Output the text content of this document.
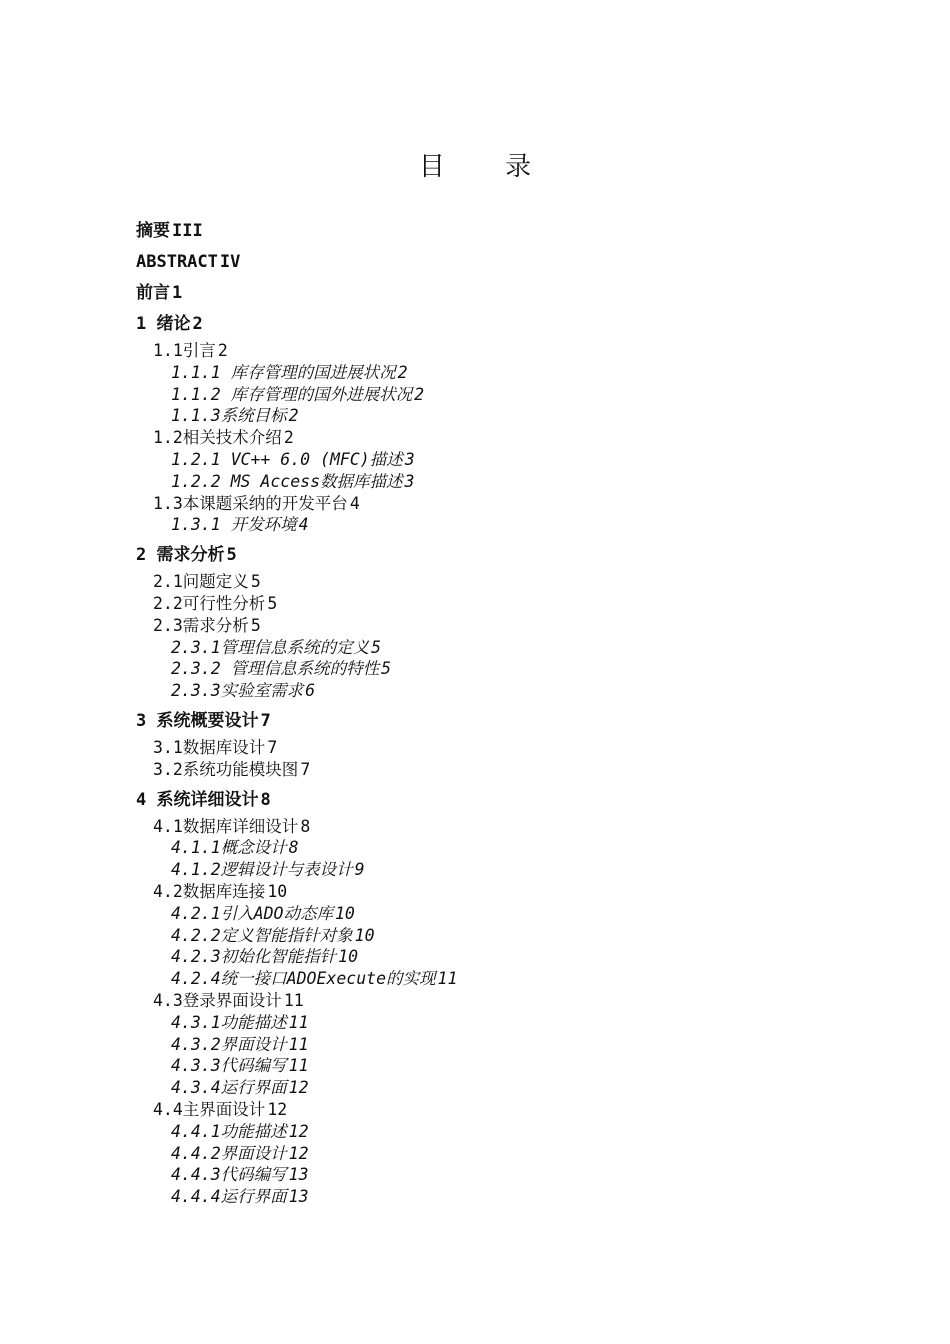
目 录
摘要 III
ABSTRACT IV
前言 1
1 绪论 2
1.1引言 2
1.1.1 库存管理的国进展状况 2
1.1.2 库存管理的国外进展状况 2
1.1.3系统目标 2
1.2相关技术介绍 2
1.2.1 VC++ 6.0 (MFC)描述 3
1.2.2 MS Access数据库描述 3
1.3本课题采纳的开发平台 4
1.3.1 开发环境 4
2 需求分析 5
2.1问题定义 5
2.2可行性分析 5
2.3需求分析 5
2.3.1管理信息系统的定义 5
2.3.2 管理信息系统的特性 5
2.3.3实验室需求 6
3 系统概要设计 7
3.1数据库设计 7
3.2系统功能模块图 7
4 系统详细设计 8
4.1数据库详细设计 8
4.1.1概念设计 8
4.1.2逻辑设计与表设计 9
4.2数据库连接 10
4.2.1引入ADO动态库 10
4.2.2定义智能指针对象 10
4.2.3初始化智能指针 10
4.2.4统一接口ADOExecute的实现 11
4.3登录界面设计 11
4.3.1功能描述 11
4.3.2界面设计 11
4.3.3代码编写 11
4.3.4运行界面 12
4.4主界面设计 12
4.4.1功能描述 12
4.4.2界面设计 12
4.4.3代码编写 13
4.4.4运行界面 13
